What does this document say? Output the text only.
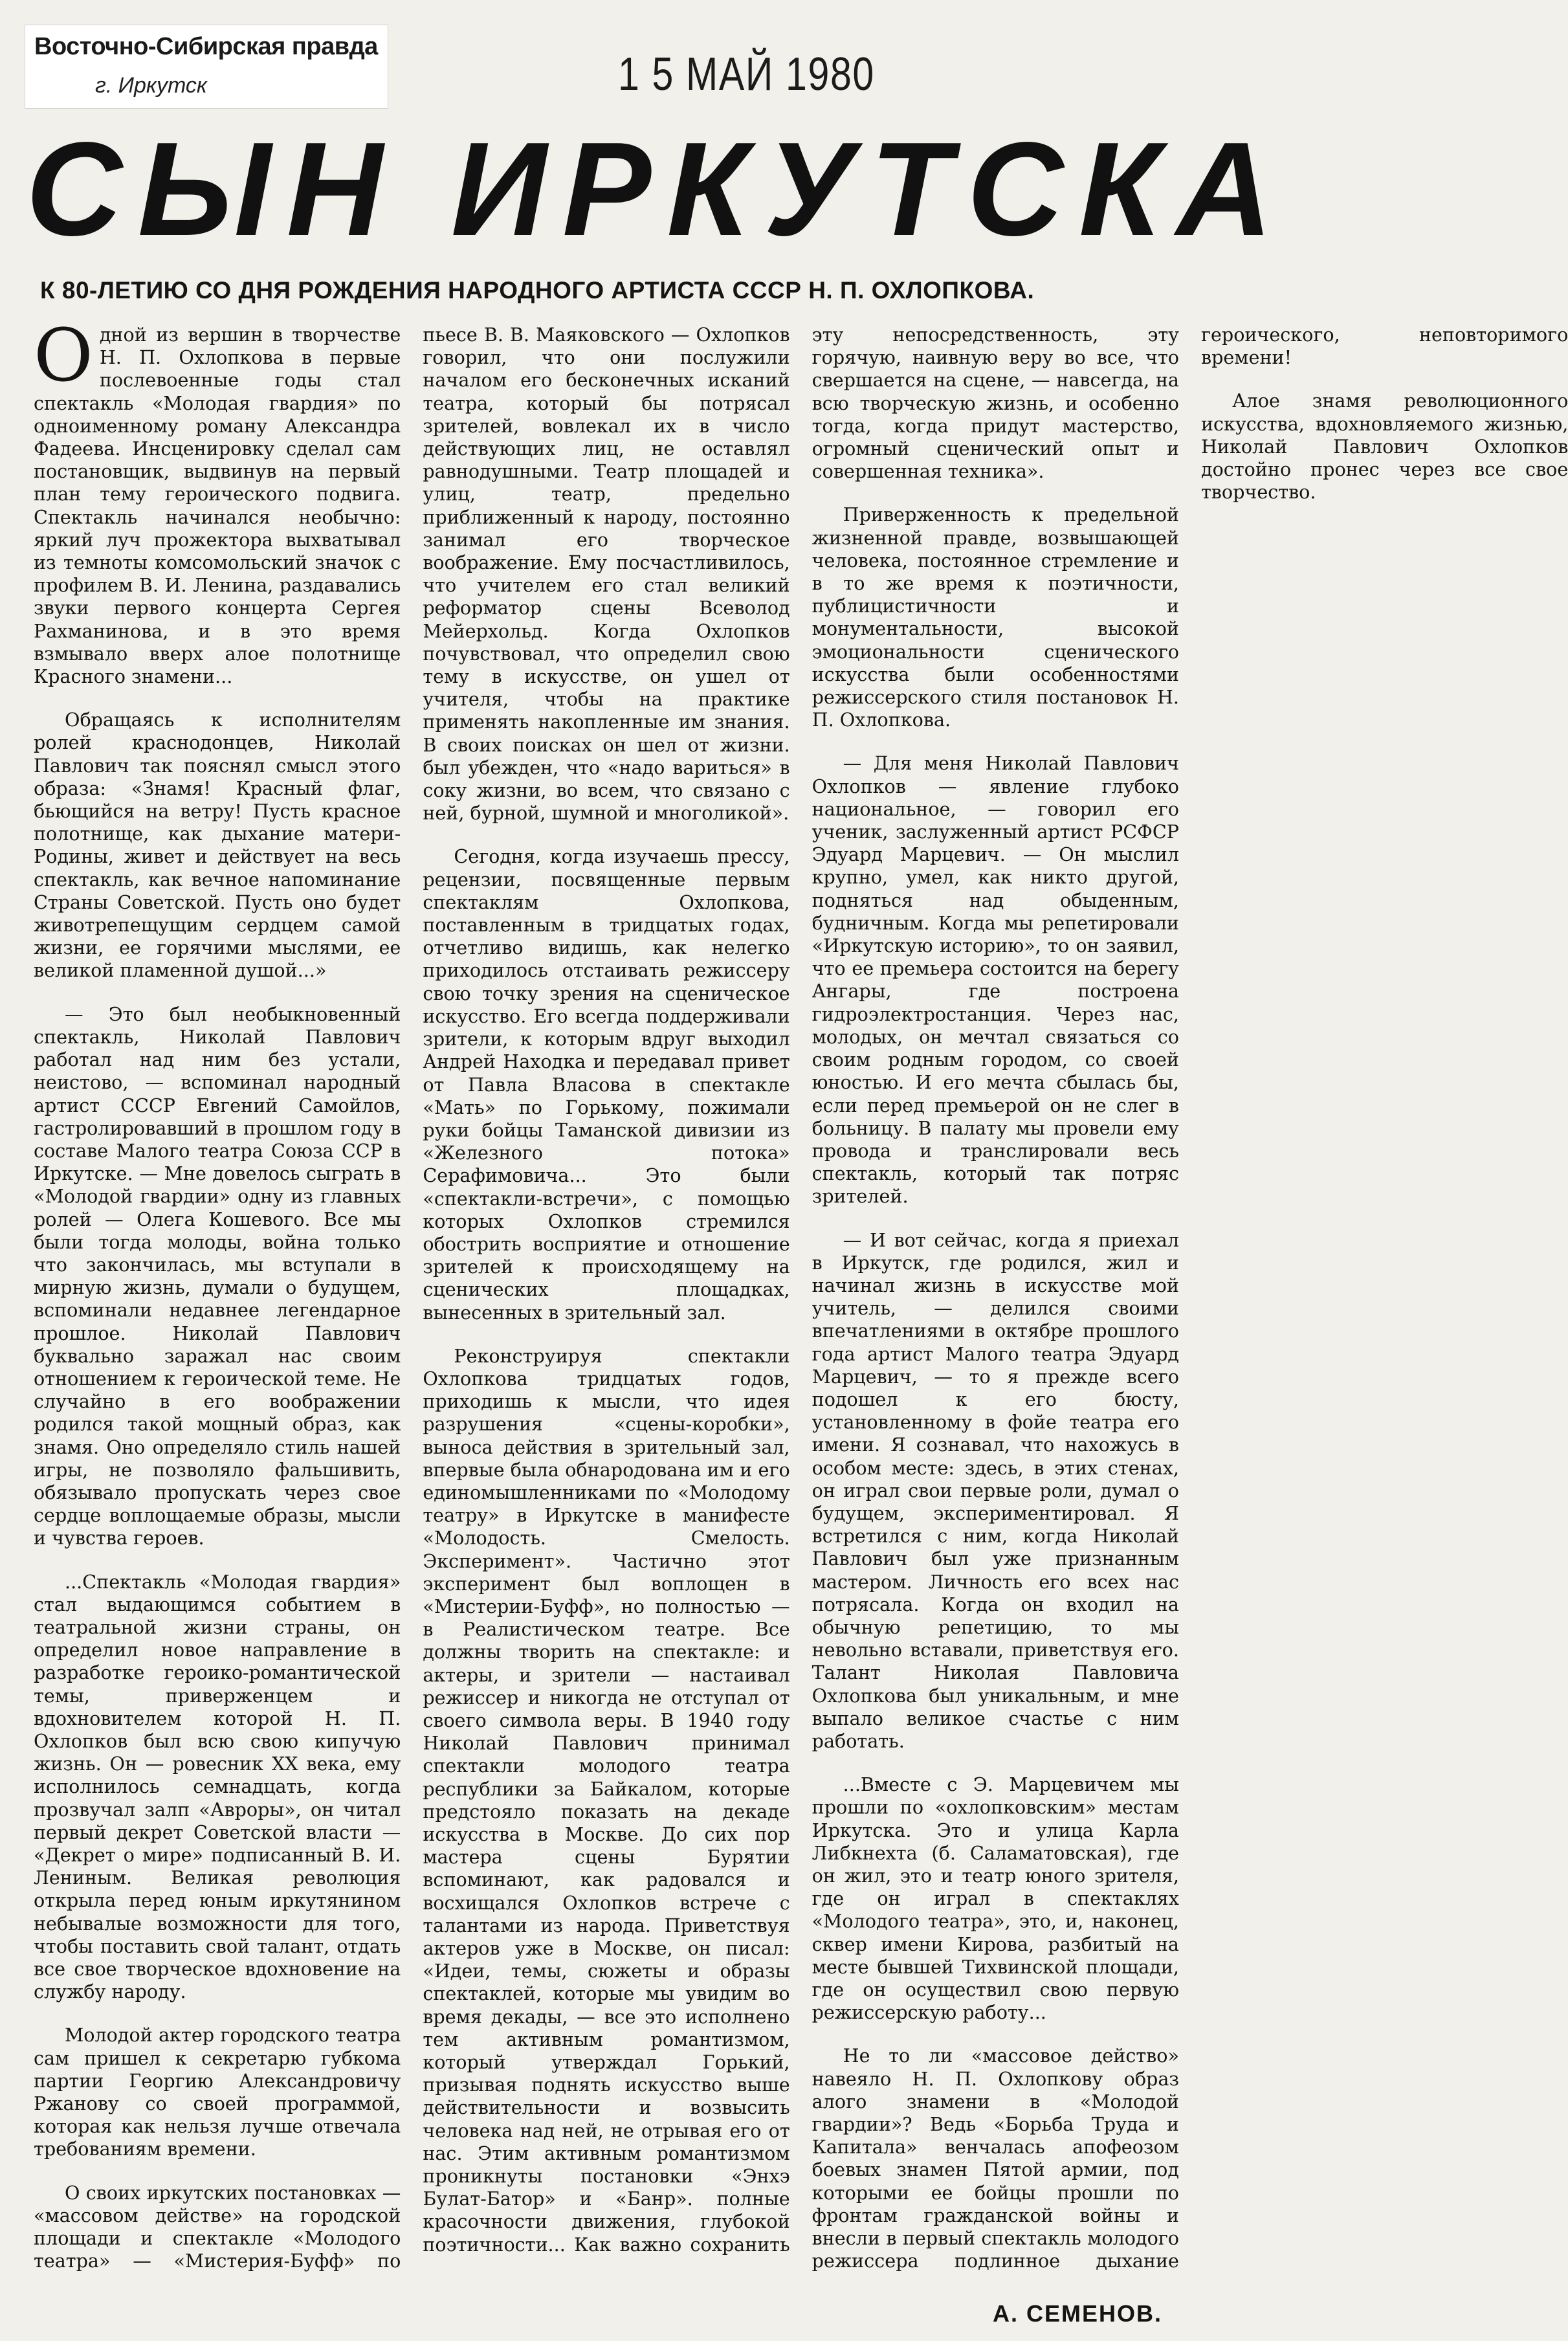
Восточно-Сибирская правда
г. Иркутск	1 5 МАЙ 1980
СЫН ИРКУТСКА
К 80-ЛЕТИЮ СО ДНЯ РОЖДЕНИЯ НАРОДНОГО АРТИСТА СССР Н. П. ОХЛОПКОВА.

Одной из вершин в творчестве Н. П. Охлопкова в первые послевоенные годы стал спектакль «Молодая гвардия» по одноименному роману Александра Фадеева. Инсценировку сделал сам постановщик, выдвинув на первый план тему героического подвига. Спектакль начинался необычно: яркий луч прожектора выхватывал из темноты комсомольский значок с профилем В. И. Ленина, раздавались звуки первого концерта Сергея Рахманинова, и в это время взмывало вверх алое полотнище Красного знамени...

Обращаясь к исполнителям ролей краснодонцев, Николай Павлович так пояснял смысл этого образа: «Знамя! Красный флаг, бьющийся на ветру! Пусть красное полотнище, как дыхание матери-Родины, живет и действует на весь спектакль, как вечное напоминание Страны Советской. Пусть оно будет животрепещущим сердцем самой жизни, ее горячими мыслями, ее великой пламенной душой...»

— Это был необыкновенный спектакль, Николай Павлович работал над ним без устали, неистово, — вспоминал народный артист СССР Евгений Самойлов, гастролировавший в прошлом году в составе Малого театра Союза ССР в Иркутске. — Мне довелось сыграть в «Молодой гвардии» одну из главных ролей — Олега Кошевого. Все мы были тогда молоды, война только что закончилась, мы вступали в мирную жизнь, думали о будущем, вспоминали недавнее легендарное прошлое. Николай Павлович буквально заражал нас своим отношением к героической теме. Не случайно в его воображении родился такой мощный образ, как знамя. Оно определяло стиль нашей игры, не позволяло фальшивить, обязывало пропускать через свое сердце воплощаемые образы, мысли и чувства героев.

...Спектакль «Молодая гвардия» стал выдающимся событием в театральной жизни страны, он определил новое направление в разработке героико-романтической темы, приверженцем и вдохновителем которой Н. П. Охлопков был всю свою кипучую жизнь. Он — ровесник XX века, ему исполнилось семнадцать, когда прозвучал залп «Авроры», он читал первый декрет Советской власти — «Декрет о мире» подписанный В. И. Лениным. Великая революция открыла перед юным иркутянином небывалые возможности для того, чтобы поставить свой талант, отдать все свое творческое вдохновение на службу народу.

Молодой актер городского театра сам пришел к секретарю губкома партии Георгию Александровичу Ржанову со своей программой, которая как нельзя лучше отвечала требованиям времени.

О своих иркутских постановках — «массовом действе» на городской площади и спектакле «Молодого театра» — «Мистерия-Буфф» по пьесе В. В. Маяковского — Охлопков говорил, что они послужили началом его бесконечных исканий театра, который бы потрясал зрителей, вовлекал их в число действующих лиц, не оставлял равнодушными. Театр площадей и улиц, театр, предельно приближенный к народу, постоянно занимал его творческое воображение. Ему посчастливилось, что учителем его стал великий реформатор сцены Всеволод Мейерхольд. Когда Охлопков почувствовал, что определил свою тему в искусстве, он ушел от учителя, чтобы на практике применять накопленные им знания. В своих поисках он шел от жизни. был убежден, что «надо вариться» в соку жизни, во всем, что связано с ней, бурной, шумной и многоликой».

Сегодня, когда изучаешь прессу, рецензии, посвященные первым спектаклям Охлопкова, поставленным в тридцатых годах, отчетливо видишь, как нелегко приходилось отстаивать режиссеру свою точку зрения на сценическое искусство. Его всегда поддерживали зрители, к которым вдруг выходил Андрей Находка и передавал привет от Павла Власова в спектакле «Мать» по Горькому, пожимали руки бойцы Таманской дивизии из «Железного потока» Серафимовича... Это были «спектакли-встречи», с помощью которых Охлопков стремился обострить восприятие и отношение зрителей к происходящему на сценических площадках, вынесенных в зрительный зал.

Реконструируя спектакли Охлопкова тридцатых годов, приходишь к мысли, что идея разрушения «сцены-коробки», выноса действия в зрительный зал, впервые была обнародована им и его единомышленниками по «Молодому театру» в Иркутске в манифесте «Молодость. Смелость. Эксперимент». Частично этот эксперимент был воплощен в «Мистерии-Буфф», но полностью — в Реалистическом театре. Все должны творить на спектакле: и актеры, и зрители — настаивал режиссер и никогда не отступал от своего символа веры. В 1940 году Николай Павлович принимал спектакли молодого театра республики за Байкалом, которые предстояло показать на декаде искусства в Москве. До сих пор мастера сцены Бурятии вспоминают, как радовался и восхищался Охлопков встрече с талантами из народа. Приветствуя актеров уже в Москве, он писал: «Идеи, темы, сюжеты и образы спектаклей, которые мы увидим во время декады, — все это исполнено тем активным романтизмом, который утверждал Горький, призывая поднять искусство выше действительности и возвысить человека над ней, не отрывая его от нас. Этим активным романтизмом проникнуты постановки «Энхэ Булат-Батор» и «Банр». полные красочности движения, глубокой поэтичности... Как важно сохранить эту непосредственность, эту горячую, наивную веру во все, что свершается на сцене, — навсегда, на всю творческую жизнь, и особенно тогда, когда придут мастерство, огромный сценический опыт и совершенная техника».

Приверженность к предельной жизненной правде, возвышающей человека, постоянное стремление и в то же время к поэтичности, публицистичности и монументальности, высокой эмоциональности сценического искусства были особенностями режиссерского стиля постановок Н. П. Охлопкова.

— Для меня Николай Павлович Охлопков — явление глубоко национальное, — говорил его ученик, заслуженный артист РСФСР Эдуард Марцевич. — Он мыслил крупно, умел, как никто другой, подняться над обыденным, будничным. Когда мы репетировали «Иркутскую историю», то он заявил, что ее премьера состоится на берегу Ангары, где построена гидроэлектростанция. Через нас, молодых, он мечтал связаться со своим родным городом, со своей юностью. И его мечта сбылась бы, если перед премьерой он не слег в больницу. В палату мы провели ему провода и транслировали весь спектакль, который так потряс зрителей.

— И вот сейчас, когда я приехал в Иркутск, где родился, жил и начинал жизнь в искусстве мой учитель, — делился своими впечатлениями в октябре прошлого года артист Малого театра Эдуард Марцевич, — то я прежде всего подошел к его бюсту, установленному в фойе театра его имени. Я сознавал, что нахожусь в особом месте: здесь, в этих стенах, он играл свои первые роли, думал о будущем, экспериментировал. Я встретился с ним, когда Николай Павлович был уже признанным мастером. Личность его всех нас потрясала. Когда он входил на обычную репетицию, то мы невольно вставали, приветствуя его. Талант Николая Павловича Охлопкова был уникальным, и мне выпало великое счастье с ним работать.

...Вместе с Э. Марцевичем мы прошли по «охлопковским» местам Иркутска. Это и улица Карла Либкнехта (б. Саламатовская), где он жил, это и театр юного зрителя, где он играл в спектаклях «Молодого театра», это, и, наконец, сквер имени Кирова, разбитый на месте бывшей Тихвинской площади, где он осуществил свою первую режиссерскую работу...

Не то ли «массовое действо» навеяло Н. П. Охлопкову образ алого знамени в «Молодой гвардии»? Ведь «Борьба Труда и Капитала» венчалась апофеозом боевых знамен Пятой армии, под которыми ее бойцы прошли по фронтам гражданской войны и внесли в первый спектакль молодого режиссера подлинное дыхание героического, неповторимого времени!

Алое знамя революционного искусства, вдохновляемого жизнью, Николай Павлович Охлопков достойно пронес через все свое творчество.

А. СЕМЕНОВ.
